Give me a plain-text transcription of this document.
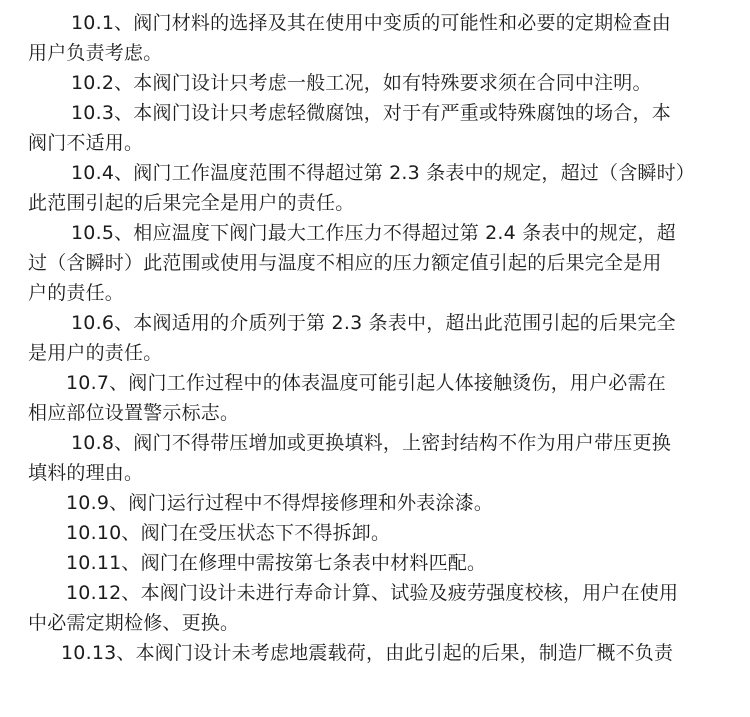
10.1、阀门材料的选择及其在使用中变质的可能性和必要的定期检查由
用户负责考虑。
10.2、本阀门设计只考虑一般工况，如有特殊要求须在合同中注明。
10.3、本阀门设计只考虑轻微腐蚀，对于有严重或特殊腐蚀的场合，本
阀门不适用。
10.4、阀门工作温度范围不得超过第 2.3 条表中的规定，超过（含瞬时）
此范围引起的后果完全是用户的责任。
10.5、相应温度下阀门最大工作压力不得超过第 2.4 条表中的规定，超
过（含瞬时）此范围或使用与温度不相应的压力额定值引起的后果完全是用
户的责任。
10.6、本阀适用的介质列于第 2.3 条表中，超出此范围引起的后果完全
是用户的责任。
10.7、阀门工作过程中的体表温度可能引起人体接触烫伤，用户必需在
相应部位设置警示标志。
10.8、阀门不得带压增加或更换填料，上密封结构不作为用户带压更换
填料的理由。
10.9、阀门运行过程中不得焊接修理和外表涂漆。
10.10、阀门在受压状态下不得拆卸。
10.11、阀门在修理中需按第七条表中材料匹配。
10.12、本阀门设计未进行寿命计算、试验及疲劳强度校核，用户在使用
中必需定期检修、更换。
10.13、本阀门设计未考虑地震载荷，由此引起的后果，制造厂概不负责
